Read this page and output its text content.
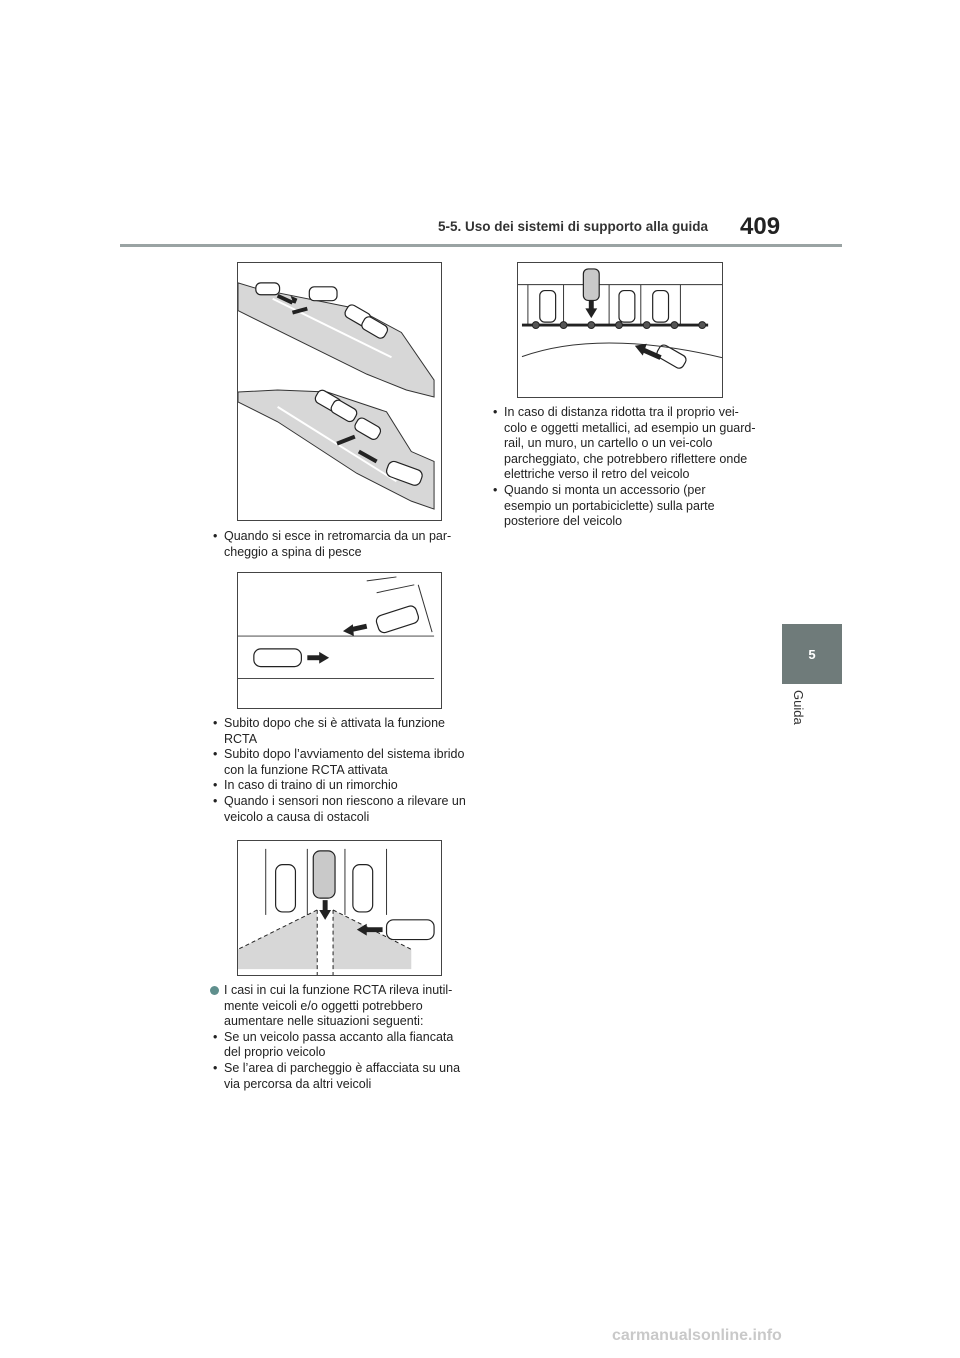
5-5. Uso dei sistemi di supporto alla guida 409
5
Guida
• Quando si esce in retromarcia da un par-cheggio a spina di pesce
• Subito dopo che si è attivata la funzione RCTA
• Subito dopo l’avviamento del sistema ibrido con la funzione RCTA attivata
• In caso di traino di un rimorchio
• Quando i sensori non riescono a rilevare un veicolo a causa di ostacoli

I casi in cui la funzione RCTA rileva inutil-mente veicoli e/o oggetti potrebbero aumentare nelle situazioni seguenti:

• Se un veicolo passa accanto alla fiancata del proprio veicolo
• Se l’area di parcheggio è affacciata su una via percorsa da altri veicoli
• In caso di distanza ridotta tra il proprio vei-colo e oggetti metallici, ad esempio un guard-rail, un muro, un cartello o un vei-colo parcheggiato, che potrebbero riflettere onde elettriche verso il retro del veicolo
• Quando si monta un accessorio (per esempio un portabiciclette) sulla parte posteriore del veicolo
carmanualsonline.info
